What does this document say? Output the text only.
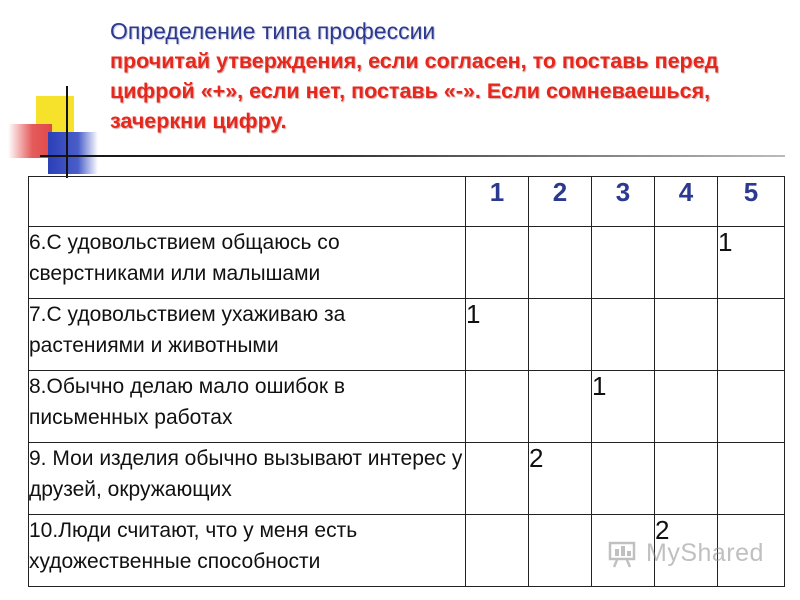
Определение типа профессии
прочитай утверждения, если согласен, то поставь перед цифрой «+», если нет, поставь «-». Если сомневаешься, зачеркни цифру.
	1	2	3	4	5
6.С удовольствием общаюсь со сверстниками или малышами					1
7.С удовольствием ухаживаю за растениями и животными	1				
8.Обычно делаю мало ошибок в письменных работах			1		
9. Мои изделия обычно вызывают интерес у друзей, окружающих		2			
10.Люди считают, что у меня есть художественные способности				2	
MyShared
